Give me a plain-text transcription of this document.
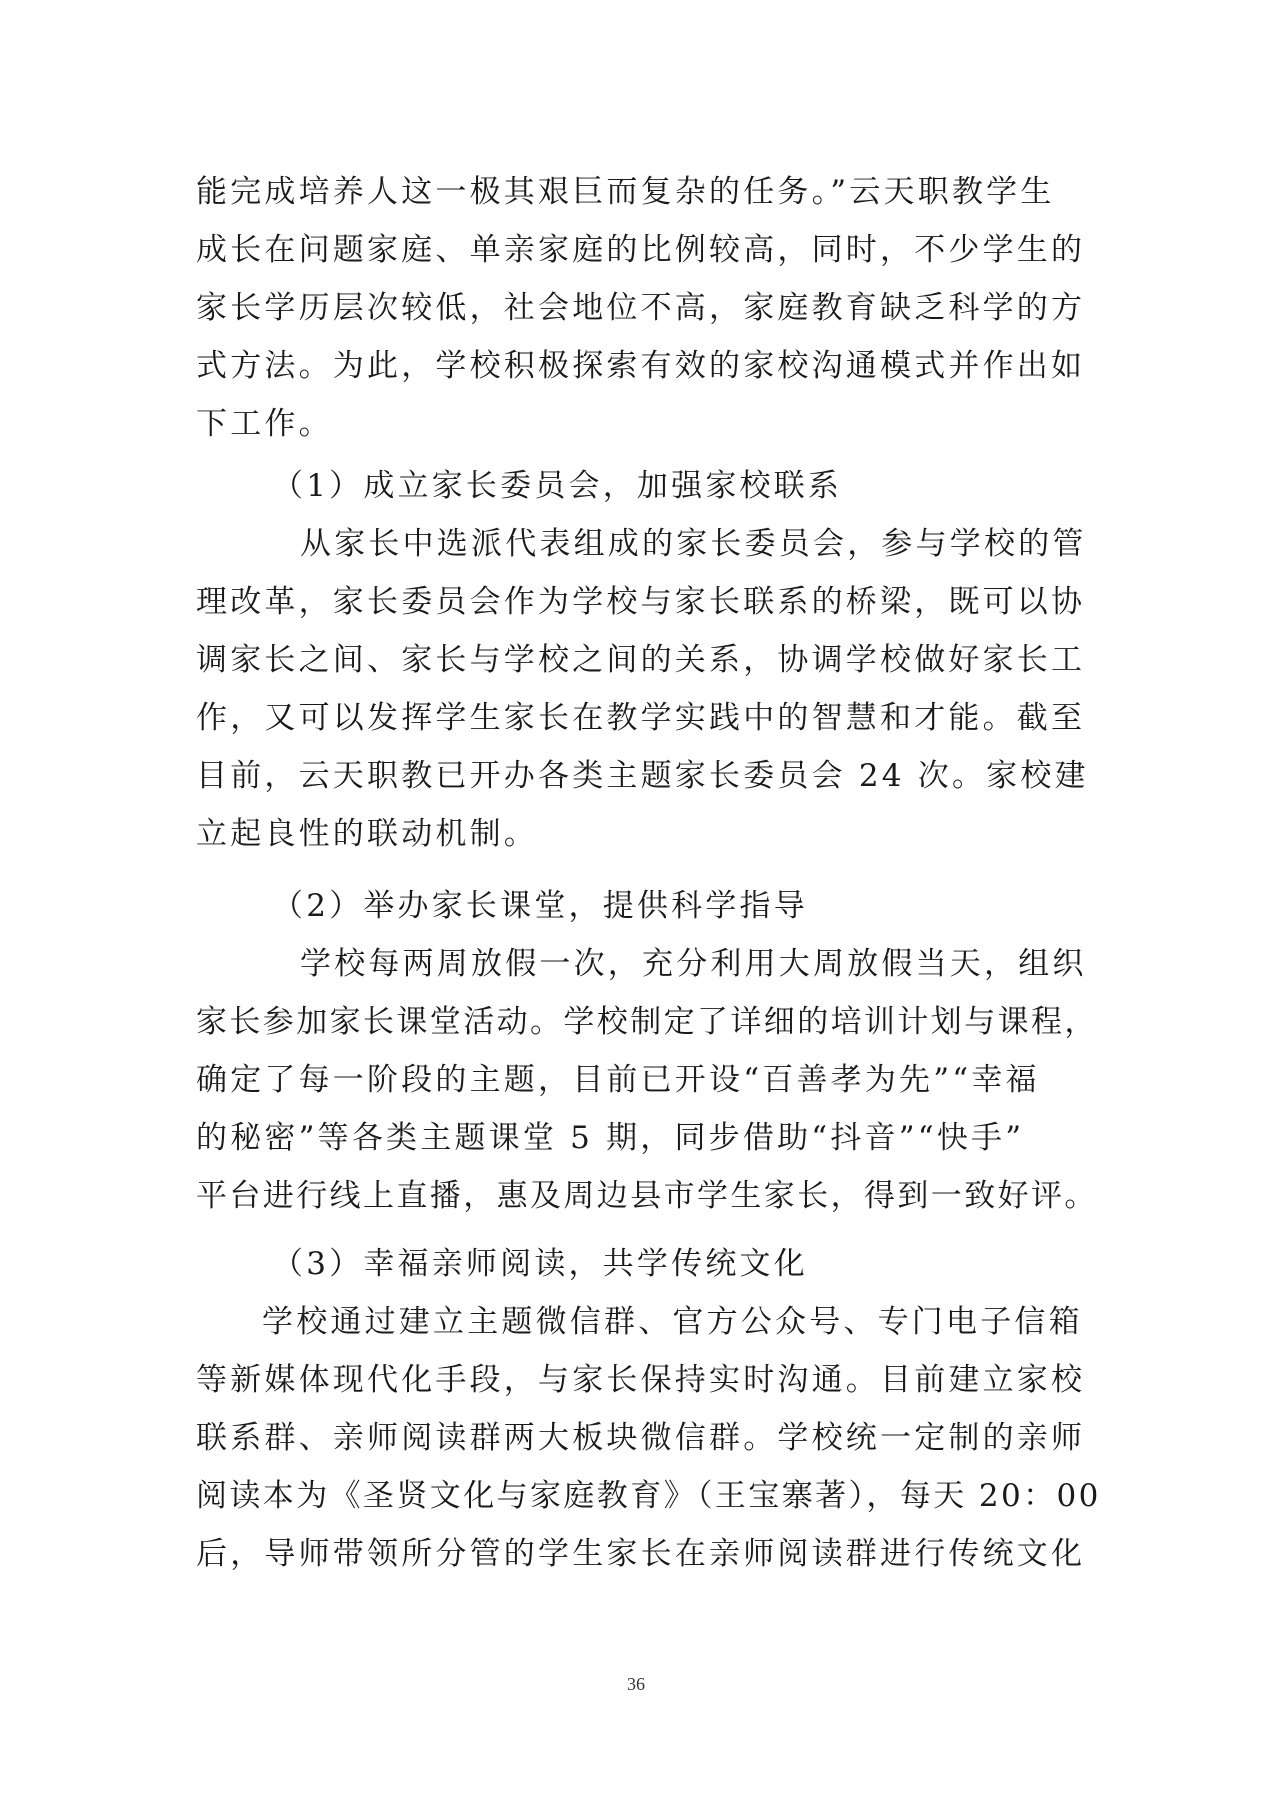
能完成培养人这一极其艰巨而复杂的任务。”云天职教学生
成长在问题家庭、单亲家庭的比例较高，同时，不少学生的
家长学历层次较低，社会地位不高，家庭教育缺乏科学的方
式方法。为此，学校积极探索有效的家校沟通模式并作出如
下工作。
（1）成立家长委员会，加强家校联系
从家长中选派代表组成的家长委员会，参与学校的管
理改革，家长委员会作为学校与家长联系的桥梁，既可以协
调家长之间、家长与学校之间的关系，协调学校做好家长工
作，又可以发挥学生家长在教学实践中的智慧和才能。截至
目前，云天职教已开办各类主题家长委员会 24 次。家校建
立起良性的联动机制。
（2）举办家长课堂，提供科学指导
学校每两周放假一次，充分利用大周放假当天，组织
家长参加家长课堂活动。学校制定了详细的培训计划与课程，
确定了每一阶段的主题，目前已开设“百善孝为先”“幸福
的秘密”等各类主题课堂 5 期，同步借助“抖音”“快手”
平台进行线上直播，惠及周边县市学生家长，得到一致好评。
（3）幸福亲师阅读，共学传统文化
学校通过建立主题微信群、官方公众号、专门电子信箱
等新媒体现代化手段，与家长保持实时沟通。目前建立家校
联系群、亲师阅读群两大板块微信群。学校统一定制的亲师
阅读本为《圣贤文化与家庭教育》（王宝寨著），每天 20：00
后，导师带领所分管的学生家长在亲师阅读群进行传统文化
36
